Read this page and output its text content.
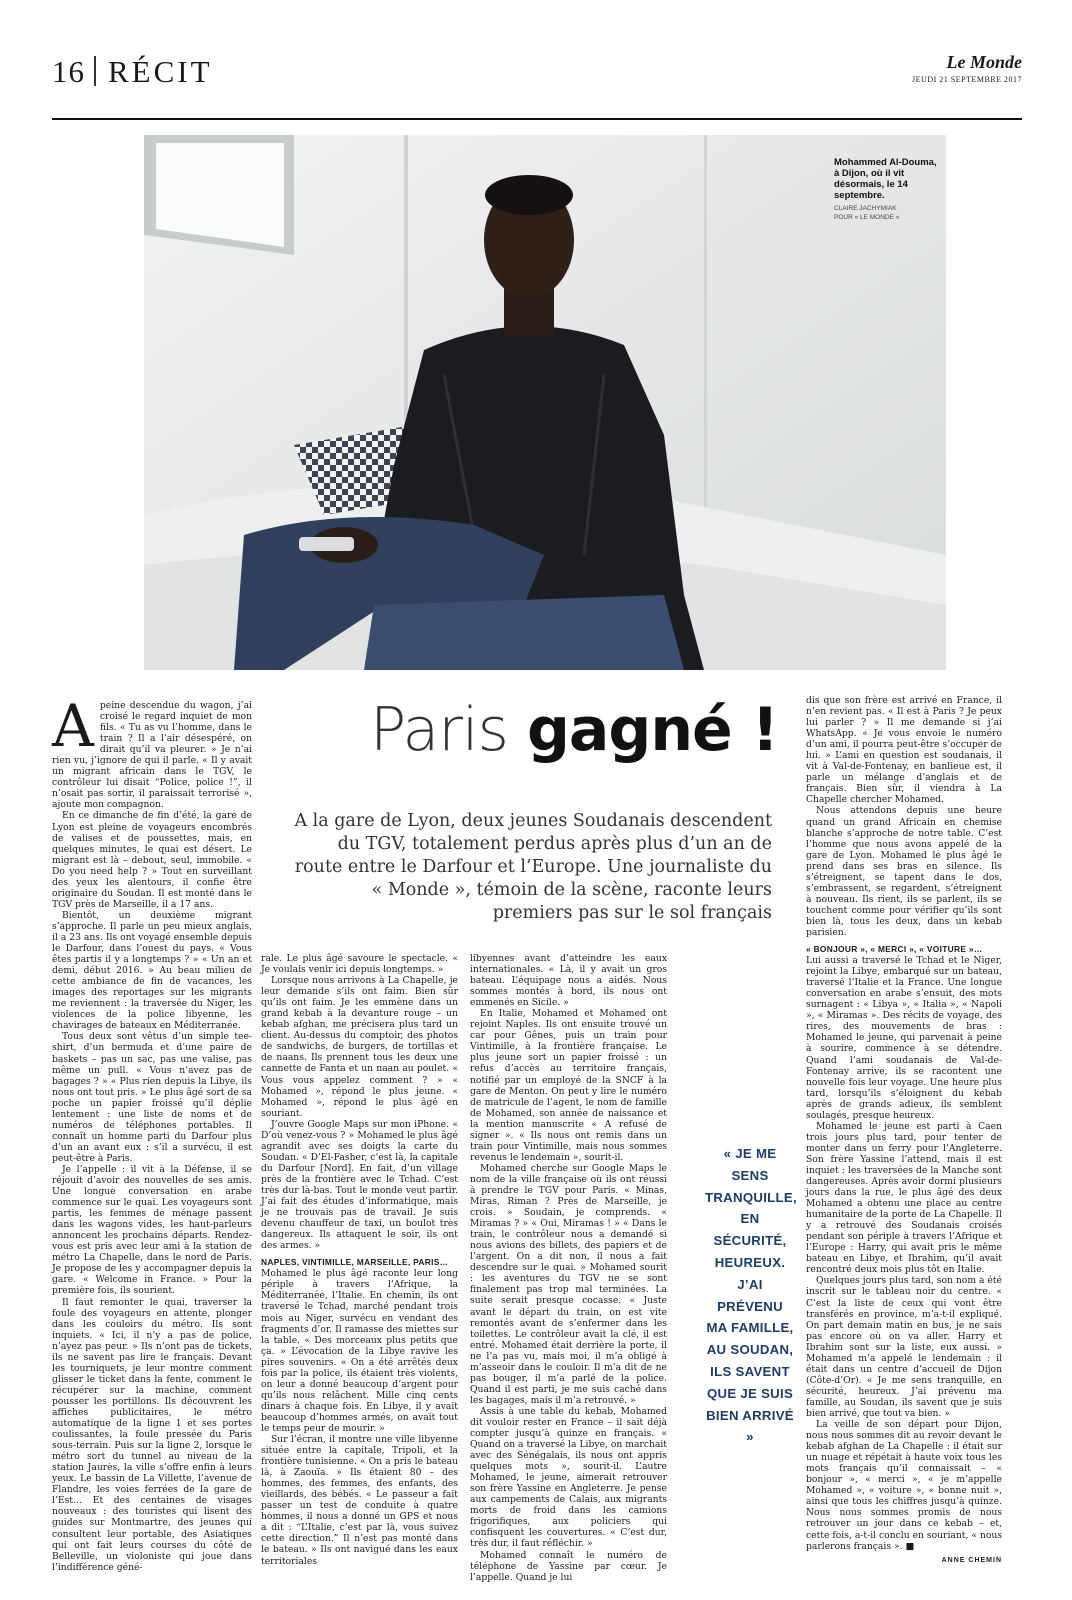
16 RÉCIT	Le Monde
JEUDI 21 SEPTEMBRE 2017
Mohammed Al-Douma, à Dijon, où il vit désormais, le 14 septembre.
CLAIRE JACHYMIAK
POUR « LE MONDE »
Paris gagné !
A la gare de Lyon, deux jeunes Soudanais descendent du TGV, totalement perdus après plus d’un an de route entre le Darfour et l’Europe. Une journaliste du « Monde », témoin de la scène, raconte leurs premiers pas sur le sol français

Apeine descendue du wagon, j’ai croisé le regard inquiet de mon fils. « Tu as vu l’homme, dans le train ? Il a l’air désespéré, on dirait qu’il va pleurer. » Je n’ai rien vu, j’ignore de qui il parle. « Il y avait un migrant africain dans le TGV, le contrôleur lui disait “Police, police !”, il n’osait pas sortir, il paraissait terrorisé », ajoute mon compagnon.

En ce dimanche de fin d’été, la gare de Lyon est pleine de voyageurs encombrés de valises et de poussettes, mais, en quelques minutes, le quai est désert. Le migrant est là – debout, seul, immobile. « Do you need help ? » Tout en surveillant des yeux les alentours, il confie être originaire du Soudan. Il est monté dans le TGV près de Marseille, il a 17 ans.

Bientôt, un deuxième migrant s’approche. Il parle un peu mieux anglais, il a 23 ans. Ils ont voyagé ensemble depuis le Darfour, dans l’ouest du pays. « Vous êtes partis il y a longtemps ? » « Un an et demi, début 2016. » Au beau milieu de cette ambiance de fin de vacances, les images des reportages sur les migrants me reviennent : la traversée du Niger, les violences de la police libyenne, les chavirages de bateaux en Méditerranée.

Tous deux sont vêtus d’un simple tee-shirt, d’un bermuda et d’une paire de baskets – pas un sac, pas une valise, pas même un pull. « Vous n’avez pas de bagages ? » « Plus rien depuis la Libye, ils nous ont tout pris. » Le plus âgé sort de sa poche un papier froissé qu’il déplie lentement : une liste de noms et de numéros de téléphones portables. Il connaît un homme parti du Darfour plus d’un an avant eux : s’il a survécu, il est peut-être à Paris.

Je l’appelle : il vit à la Défense, il se réjouit d’avoir des nouvelles de ses amis. Une longue conversation en arabe commence sur le quai. Les voyageurs sont partis, les femmes de ménage passent dans les wagons vides, les haut-parleurs annoncent les prochains départs. Rendez-vous est pris avec leur ami à la station de métro La Chapelle, dans le nord de Paris. Je propose de les y accompagner depuis la gare. « Welcome in France. » Pour la première fois, ils sourient.

Il faut remonter le quai, traverser la foule des voyageurs en attente, plonger dans les couloirs du métro. Ils sont inquiets. « Ici, il n’y a pas de police, n’ayez pas peur. » Ils n’ont pas de tickets, ils ne savent pas lire le français. Devant les tourniquets, je leur montre comment glisser le ticket dans la fente, comment le récupérer sur la machine, comment pousser les portillons. Ils découvrent les affiches publicitaires, le métro automatique de la ligne 1 et ses portes coulissantes, la foule pressée du Paris sous-terrain. Puis sur la ligne 2, lorsque le métro sort du tunnel au niveau de la station Jaurès, la ville s’offre enfin à leurs yeux. Le bassin de La Villette, l’avenue de Flandre, les voies ferrées de la gare de l’Est… Et des centaines de visages nouveaux : des touristes qui lisent des guides sur Montmartre, des jeunes qui consultent leur portable, des Asiatiques qui ont fait leurs courses du côté de Belleville, un violoniste qui joue dans l’indifférence géné-

rale. Le plus âgé savoure le spectacle. « Je voulais venir ici depuis longtemps. »

Lorsque nous arrivons à La Chapelle, je leur demande s’ils ont faim. Bien sûr qu’ils ont faim. Je les emmène dans un grand kebab à la devanture rouge – un kebab afghan, me précisera plus tard un client. Au-dessus du comptoir, des photos de sandwichs, de burgers, de tortillas et de naans. Ils prennent tous les deux une cannette de Fanta et un naan au poulet. « Vous vous appelez comment ? » « Mohamed », répond le plus jeune. « Mohamed », répond le plus âgé en souriant.

J’ouvre Google Maps sur mon iPhone. « D’où venez-vous ? » Mohamed le plus âgé agrandit avec ses doigts la carte du Soudan. « D’El-Fasher, c’est là, la capitale du Darfour [Nord]. En fait, d’un village près de la frontière avec le Tchad. C’est très dur là-bas. Tout le monde veut partir. J’ai fait des études d’informatique, mais je ne trouvais pas de travail. Je suis devenu chauffeur de taxi, un boulot très dangereux. Ils attaquent le soir, ils ont des armes. »

NAPLES, VINTIMILLE, MARSEILLE, PARIS…

Mohamed le plus âgé raconte leur long périple à travers l’Afrique, la Méditerranée, l’Italie. En chemin, ils ont traversé le Tchad, marché pendant trois mois au Niger, survécu en vendant des fragments d’or. Il ramasse des miettes sur la table. « Des morceaux plus petits que ça. » L’évocation de la Libye ravive les pires souvenirs. « On a été arrêtés deux fois par la police, ils étaient très violents, on leur a donné beaucoup d’argent pour qu’ils nous relâchent. Mille cinq cents dinars à chaque fois. En Libye, il y avait beaucoup d’hommes armés, on avait tout le temps peur de mourir. »

Sur l’écran, il montre une ville libyenne située entre la capitale, Tripoli, et la frontière tunisienne. « On a pris le bateau là, à Zaouïa. » Ils étaient 80 – des hommes, des femmes, des enfants, des vieillards, des bébés. « Le passeur a fait passer un test de conduite à quatre hommes, il nous a donné un GPS et nous a dit : “L’Italie, c’est par là, vous suivez cette direction.” Il n’est pas monté dans le bateau. » Ils ont navigué dans les eaux territoriales

libyennes avant d’atteindre les eaux internationales. « Là, il y avait un gros bateau. L’équipage nous a aidés. Nous sommes montés à bord, ils nous ont emmenés en Sicile. »

En Italie, Mohamed et Mohamed ont rejoint Naples. Ils ont ensuite trouvé un car pour Gênes, puis un train pour Vintimille, à la frontière française. Le plus jeune sort un papier froissé : un refus d’accès au territoire français, notifié par un employé de la SNCF à la gare de Menton. On peut y lire le numéro de matricule de l’agent, le nom de famille de Mohamed, son année de naissance et la mention manuscrite « A refusé de signer ». « Ils nous ont remis dans un train pour Vintimille, mais nous sommes revenus le lendemain », sourit-il.

Mohamed cherche sur Google Maps le nom de la ville française où ils ont réussi à prendre le TGV pour Paris. « Minas, Miras, Riman ? Près de Marseille, je crois. » Soudain, je comprends. « Miramas ? » « Oui, Miramas ! » « Dans le train, le contrôleur nous a demandé si nous avions des billets, des papiers et de l’argent. On a dit non, il nous a fait descendre sur le quai. » Mohamed sourit : les aventures du TGV ne se sont finalement pas trop mal terminées. La suite serait presque cocasse. « Juste avant le départ du train, on est vite remontés avant de s’enfermer dans les toilettes. Le contrôleur avait la clé, il est entré. Mohamed était derrière la porte, il ne l’a pas vu, mais moi, il m’a obligé à m’asseoir dans le couloir. Il m’a dit de ne pas bouger, il m’a parlé de la police. Quand il est parti, je me suis caché dans les bagages, mais il m’a retrouvé. »

Assis à une table du kebab, Mohamed dit vouloir rester en France – il sait déjà compter jusqu’à quinze en français. « Quand on a traversé la Libye, on marchait avec des Sénégalais, ils nous ont appris quelques mots », sourit-il. L’autre Mohamed, le jeune, aimerait retrouver son frère Yassine en Angleterre. Je pense aux campements de Calais, aux migrants morts de froid dans les camions frigorifiques, aux policiers qui confisquent les couvertures. « C’est dur, très dur, il faut réfléchir. »

Mohamed connaît le numéro de téléphone de Yassine par cœur. Je l’appelle. Quand je lui

« JE ME SENS TRANQUILLE, EN SÉCURITÉ, HEUREUX. J’AI PRÉVENU MA FAMILLE, AU SOUDAN, ILS SAVENT QUE JE SUIS BIEN ARRIVÉ »

dis que son frère est arrivé en France, il n’en revient pas. « Il est à Paris ? Je peux lui parler ? » Il me demande si j’ai WhatsApp. « Je vous envoie le numéro d’un ami, il pourra peut-être s’occuper de lui. » L’ami en question est soudanais, il vit à Val-de-Fontenay, en banlieue est, il parle un mélange d’anglais et de français. Bien sûr, il viendra à La Chapelle chercher Mohamed.

Nous attendons depuis une heure quand un grand Africain en chemise blanche s’approche de notre table. C’est l’homme que nous avons appelé de la gare de Lyon. Mohamed le plus âgé le prend dans ses bras en silence. Ils s’étreignent, se tapent dans le dos, s’embrassent, se regardent, s’étreignent à nouveau. Ils rient, ils se parlent, ils se touchent comme pour vérifier qu’ils sont bien là, tous les deux, dans un kebab parisien.

« BONJOUR », « MERCI », « VOITURE »…

Lui aussi a traversé le Tchad et le Niger, rejoint la Libye, embarqué sur un bateau, traversé l’Italie et la France. Une longue conversation en arabe s’ensuit, des mots surnagent : « Libya », « Italia », « Napoli », « Miramas ». Des récits de voyage, des rires, des mouvements de bras : Mohamed le jeune, qui parvenait à peine à sourire, commence à se détendre. Quand l’ami soudanais de Val-de-Fontenay arrive, ils se racontent une nouvelle fois leur voyage. Une heure plus tard, lorsqu’ils s’éloignent du kebab après de grands adieux, ils semblent soulagés, presque heureux.

Mohamed le jeune est parti à Caen trois jours plus tard, pour tenter de monter dans un ferry pour l’Angleterre. Son frère Yassine l’attend, mais il est inquiet : les traversées de la Manche sont dangereuses. Après avoir dormi plusieurs jours dans la rue, le plus âgé des deux Mohamed a obtenu une place au centre humanitaire de la porte de La Chapelle. Il y a retrouvé des Soudanais croisés pendant son périple à travers l’Afrique et l’Europe : Harry, qui avait pris le même bateau en Libye, et Ibrahim, qu’il avait rencontré deux mois plus tôt en Italie.

Quelques jours plus tard, son nom a été inscrit sur le tableau noir du centre. « C’est la liste de ceux qui vont être transférés en province, m’a-t-il expliqué. On part demain matin en bus, je ne sais pas encore où on va aller. Harry et Ibrahim sont sur la liste, eux aussi. » Mohamed m’a appelé le lendemain : il était dans un centre d’accueil de Dijon (Côte-d’Or). « Je me sens tranquille, en sécurité, heureux. J’ai prévenu ma famille, au Soudan, ils savent que je suis bien arrivé, que tout va bien. »

La veille de son départ pour Dijon, nous nous sommes dit au revoir devant le kebab afghan de La Chapelle : il était sur un nuage et répétait à haute voix tous les mots français qu’il connaissait – « bonjour », « merci », « je m’appelle Mohamed », « voiture », « bonne nuit », ainsi que tous les chiffres jusqu’à quinze. Nous nous sommes promis de nous retrouver un jour dans ce kebab – et, cette fois, a-t-il conclu en souriant, « nous parlerons français ». ■

ANNE CHEMIN
